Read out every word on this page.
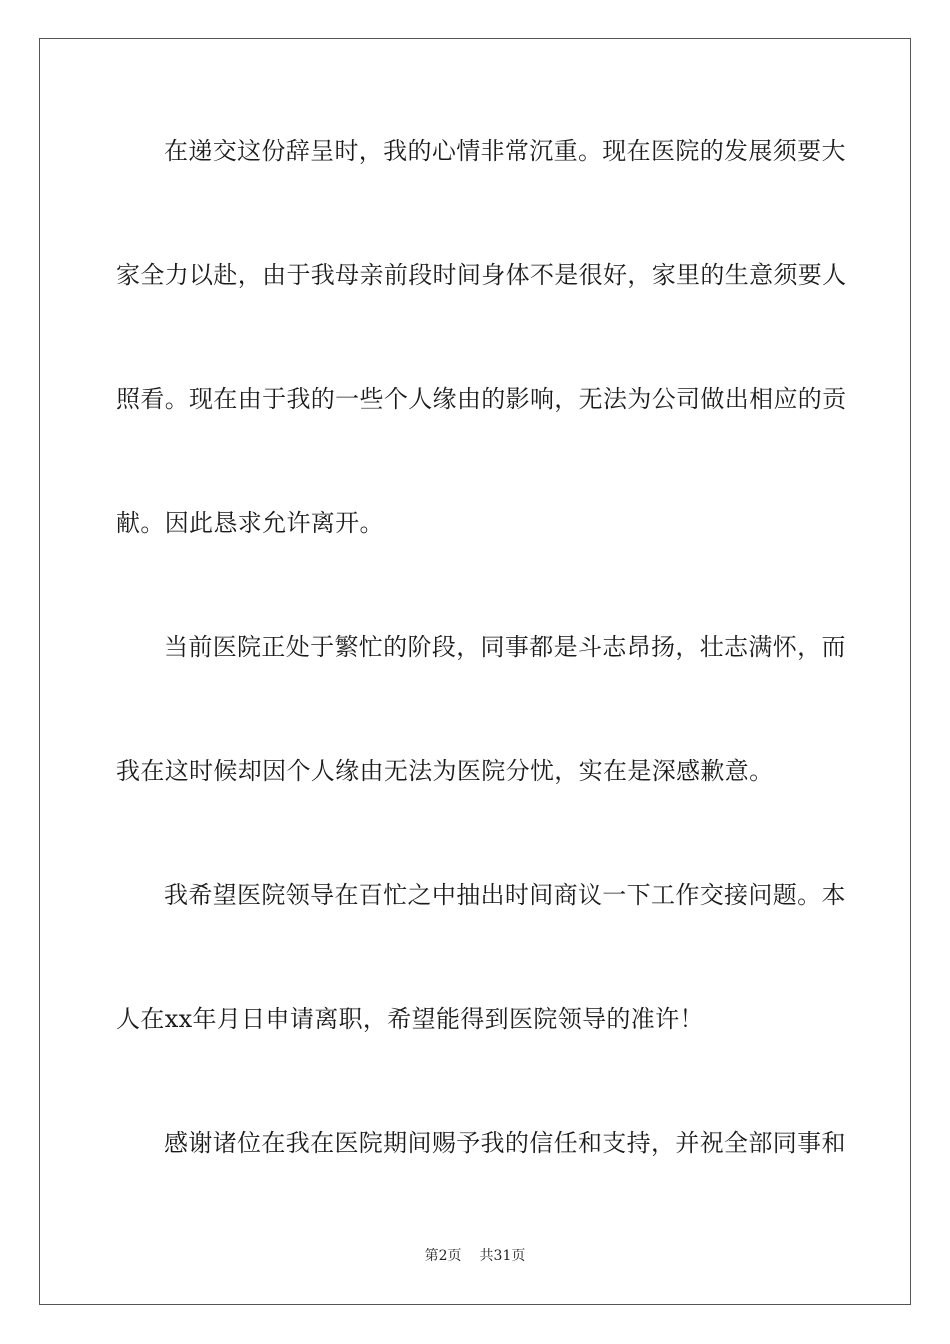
在递交这份辞呈时，我的心情非常沉重。现在医院的发展须要大
家全力以赴，由于我母亲前段时间身体不是很好，家里的生意须要人
照看。现在由于我的一些个人缘由的影响，无法为公司做出相应的贡
献。因此恳求允许离开。
当前医院正处于繁忙的阶段，同事都是斗志昂扬，壮志满怀，而
我在这时候却因个人缘由无法为医院分忧，实在是深感歉意。
我希望医院领导在百忙之中抽出时间商议一下工作交接问题。本
人在xx年月日申请离职，希望能得到医院领导的准许！
感谢诸位在我在医院期间赐予我的信任和支持，并祝全部同事和
第2页 共31页
